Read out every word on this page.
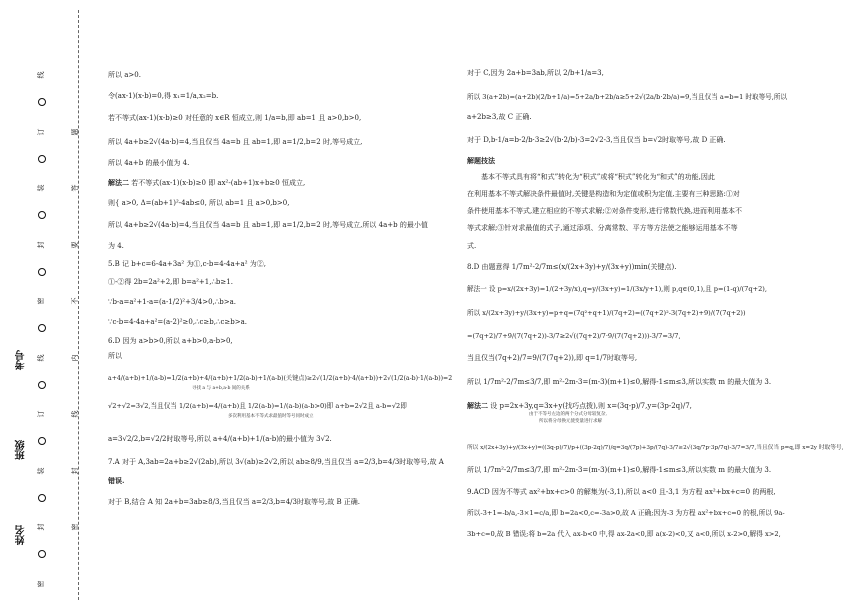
线
订
装
封
密
线
订
装
封
密
题
答
要
不
内
线
封
密
考号
班级
姓名
所以 a>0.
令(ax-1)(x-b)=0,得 x₁=1/a,x₂=b.
若不等式(ax-1)(x-b)≥0 对任意的 x∈R 恒成立,则 1/a=b,即 ab=1 且 a>0,b>0,
所以 4a+b≥2√(4a·b)=4,当且仅当 4a=b 且 ab=1,即 a=1/2,b=2 时,等号成立,
所以 4a+b 的最小值为 4.
解法二 若不等式(ax-1)(x-b)≥0 即 ax²-(ab+1)x+b≥0 恒成立,
则{ a>0, Δ=(ab+1)²-4ab≤0, 所以 ab=1 且 a>0,b>0,
所以 4a+b≥2√(4a·b)=4,当且仅当 4a=b 且 ab=1,即 a=1/2,b=2 时,等号成立,所以 4a+b 的最小值
为 4.
5.B 记 b+c=6-4a+3a² 为①,c-b=4-4a+a² 为②,
①-②得 2b=2a²+2,即 b=a²+1,∴b≥1.
∵b-a=a²+1-a=(a-1/2)²+3/4>0,∴b>a.
∵c-b=4-4a+a²=(a-2)²≥0,∴c≥b,∴c≥b>a.
6.D 因为 a>b>0,所以 a+b>0,a-b>0,
所以
a+4/(a+b)+1/(a-b)=1/2(a+b)+4/(a+b)+1/2(a-b)+1/(a-b)(关键点)≥2√(1/2(a+b)·4/(a+b))+2√(1/2(a-b)·1/(a-b))=2
寻找 a 与 a+b,a-b 间的关系
√2+√2=3√2,当且仅当 1/2(a+b)=4/(a+b)且 1/2(a-b)=1/(a-b)(a-b>0)即 a+b=2√2且 a-b=√2即
多次利用基本不等式求最值时等号同时成立
a=3√2/2,b=√2/2时取等号,所以 a+4/(a+b)+1/(a-b)的最小值为 3√2.
7.A 对于 A,3ab=2a+b≥2√(2ab),所以 3√(ab)≥2√2,所以 ab≥8/9,当且仅当 a=2/3,b=4/3时取等号,故 A
错误.
对于 B,结合 A 知 2a+b=3ab≥8/3,当且仅当 a=2/3,b=4/3时取等号,故 B 正确.
对于 C,因为 2a+b=3ab,所以 2/b+1/a=3,
所以 3(a+2b)=(a+2b)(2/b+1/a)=5+2a/b+2b/a≥5+2√(2a/b·2b/a)=9,当且仅当 a=b=1 时取等号,所以
a+2b≥3,故 C 正确.
对于 D,b-1/a=b-2/b·3≥2√(b·2/b)-3=2√2-3,当且仅当 b=√2时取等号,故 D 正确.
解题技法
基本不等式具有将“和式”转化为“积式”或将“积式”转化为“和式”的功能,因此
在利用基本不等式解决条件最值时,关键是构造和为定值或积为定值,主要有三种思路:①对
条件使用基本不等式,建立相应的不等式求解;②对条件变形,进行常数代换,进而利用基本不
等式求解;③针对求最值的式子,通过添项、分离常数、平方等方法使之能够运用基本不等
式.
8.D 由题意得 1/7m²-2/7m≤(x/(2x+3y)+y/(3x+y))min(关键点).
解法一 设 p=x/(2x+3y)=1/(2+3y/x),q=y/(3x+y)=1/(3x/y+1),则 p,q∈(0,1),且 p=(1-q)/(7q+2),
所以 x/(2x+3y)+y/(3x+y)=p+q=(7q²+q+1)/(7q+2)=((7q+2)²-3(7q+2)+9)/(7(7q+2))
=(7q+2)/7+9/(7(7q+2))-3/7≥2√((7q+2)/7·9/(7(7q+2)))-3/7=3/7,
当且仅当(7q+2)/7=9/(7(7q+2)),即 q=1/7时取等号,
所以 1/7m²-2/7m≤3/7,即 m²-2m-3=(m-3)(m+1)≤0,解得-1≤m≤3,所以实数 m 的最大值为 3.
解法二 设 p=2x+3y,q=3x+y(找巧点拨),则 x=(3q-p)/7,y=(3p-2q)/7,
由于不等号左边的两个分式分母较复杂,
所以将分母换元使变量进行求解
所以 x/(2x+3y)+y/(3x+y)=((3q-p)/7)/p+((3p-2q)/7)/q=3q/(7p)+3p/(7q)-3/7≥2√(3q/7p·3p/7q)-3/7=3/7,当且仅当 p=q,即 x=2y 时取等号,
所以 1/7m²-2/7m≤3/7,即 m²-2m-3=(m-3)(m+1)≤0,解得-1≤m≤3,所以实数 m 的最大值为 3.
9.ACD 因为不等式 ax²+bx+c>0 的解集为(-3,1),所以 a<0 且-3,1 为方程 ax²+bx+c=0 的两根,
所以-3+1=-b/a,-3×1=c/a,即 b=2a<0,c=-3a>0,故 A 正确;因为-3 为方程 ax²+bx+c=0 的根,所以 9a-
3b+c=0,故 B 错误;将 b=2a 代入 ax-b<0 中,得 ax-2a<0,即 a(x-2)<0,又 a<0,所以 x-2>0,解得 x>2,
